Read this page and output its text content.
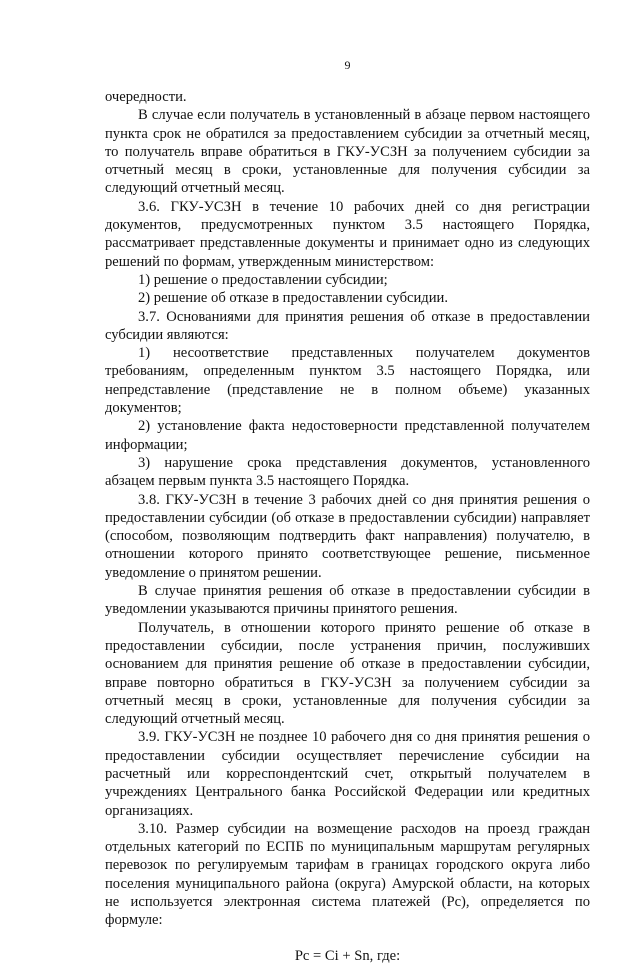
9

очередности.

В случае если получатель в установленный в абзаце первом настоящего пункта срок не обратился за предоставлением субсидии за отчетный месяц, то получатель вправе обратиться в ГКУ-УСЗН за получением субсидии за отчетный месяц в сроки, установленные для получения субсидии за следующий отчетный месяц.

3.6. ГКУ-УСЗН в течение 10 рабочих дней со дня регистрации документов, предусмотренных пунктом 3.5 настоящего Порядка, рассматривает представленные документы и принимает одно из следующих решений по формам, утвержденным министерством:

1) решение о предоставлении субсидии;

2) решение об отказе в предоставлении субсидии.

3.7. Основаниями для принятия решения об отказе в предоставлении субсидии являются:

1) несоответствие представленных получателем документов требованиям, определенным пунктом 3.5 настоящего Порядка, или непредставление (представление не в полном объеме) указанных документов;

2) установление факта недостоверности представленной получателем информации;

3) нарушение срока представления документов, установленного абзацем первым пункта 3.5 настоящего Порядка.

3.8. ГКУ-УСЗН в течение 3 рабочих дней со дня принятия решения о предоставлении субсидии (об отказе в предоставлении субсидии) направляет (способом, позволяющим подтвердить факт направления) получателю, в отношении которого принято соответствующее решение, письменное уведомление о принятом решении.

В случае принятия решения об отказе в предоставлении субсидии в уведомлении указываются причины принятого решения.

Получатель, в отношении которого принято решение об отказе в предоставлении субсидии, после устранения причин, послуживших основанием для принятия решение об отказе в предоставлении субсидии, вправе повторно обратиться в ГКУ-УСЗН за получением субсидии за отчетный месяц в сроки, установленные для получения субсидии за следующий отчетный месяц.

3.9. ГКУ-УСЗН не позднее 10 рабочего дня со дня принятия решения о предоставлении субсидии осуществляет перечисление субсидии на расчетный или корреспондентский счет, открытый получателем в учреждениях Центрального банка Российской Федерации или кредитных организациях.

3.10. Размер субсидии на возмещение расходов на проезд граждан отдельных категорий по ЕСПБ по муниципальным маршрутам регулярных перевозок по регулируемым тарифам в границах городского округа либо поселения муниципального района (округа) Амурской области, на которых не используется электронная система платежей (Рс), определяется по формуле:

Рс = Ci + Sn, где:
